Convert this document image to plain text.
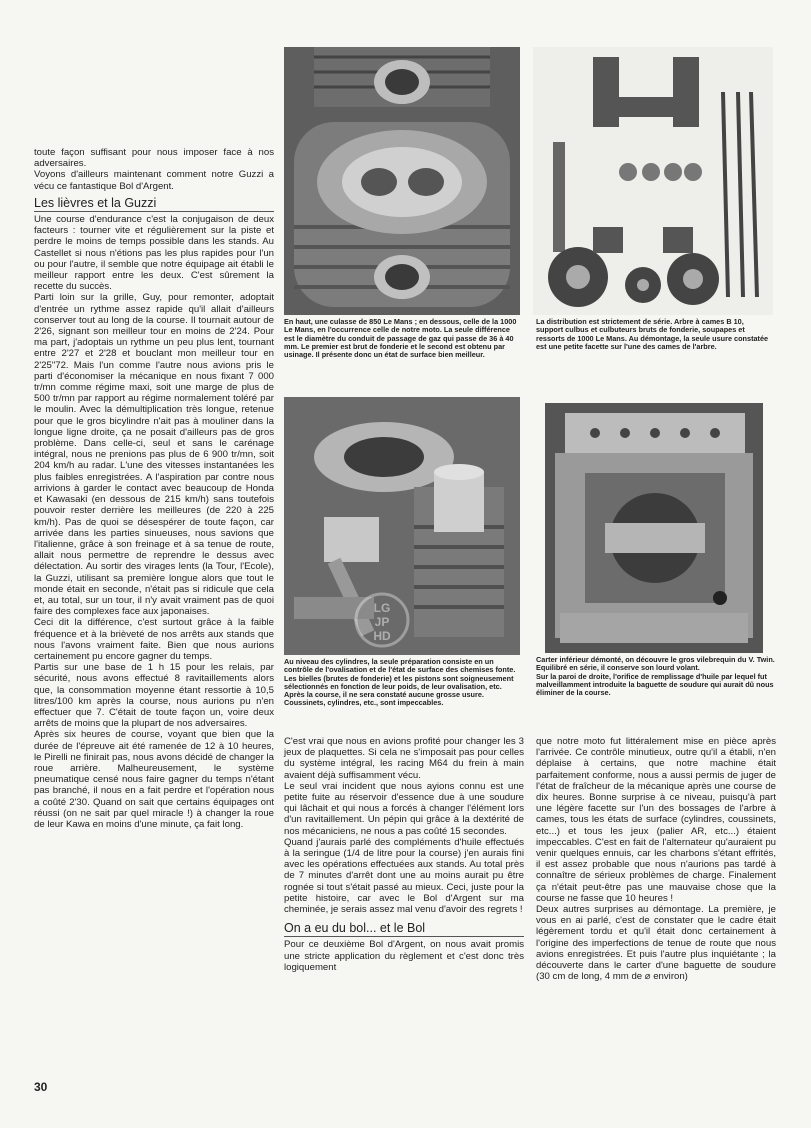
toute façon suffisant pour nous imposer face à nos adversaires.

Voyons d'ailleurs maintenant comment notre Guzzi a vécu ce fantastique Bol d'Argent.

Les lièvres et la Guzzi

Une course d'endurance c'est la conjugaison de deux facteurs : tourner vite et régulièrement sur la piste et perdre le moins de temps possible dans les stands. Au Castellet si nous n'étions pas les plus rapides pour l'un ou pour l'autre, il semble que notre équipage ait établi le meilleur rapport entre les deux. C'est sûrement la recette du succès.

Parti loin sur la grille, Guy, pour remonter, adoptait d'entrée un rythme assez rapide qu'il allait d'ailleurs conserver tout au long de la course. Il tournait autour de 2'26, signant son meilleur tour en moins de 2'24. Pour ma part, j'adoptais un rythme un peu plus lent, tournant entre 2'27 et 2'28 et bouclant mon meilleur tour en 2'25"72. Mais l'un comme l'autre nous avions pris le parti d'économiser la mécanique en nous fixant 7 000 tr/mn comme régime maxi, soit une marge de plus de 500 tr/mn par rapport au régime normalement toléré par le moulin. Avec la démultiplication très longue, retenue pour que le gros bicylindre n'ait pas à mouliner dans la longue ligne droite, ça ne posait d'ailleurs pas de gros problème. Dans celle-ci, seul et sans le carénage intégral, nous ne prenions pas plus de 6 900 tr/mn, soit 204 km/h au radar. L'une des vitesses instantanées les plus faibles enregistrées. A l'aspiration par contre nous arrivions à garder le contact avec beaucoup de Honda et Kawasaki (en dessous de 215 km/h) sans toutefois pouvoir rester derrière les meilleures (de 220 à 225 km/h). Pas de quoi se désespérer de toute façon, car arrivée dans les parties sinueuses, nous savions que l'italienne, grâce à son freinage et à sa tenue de route, allait nous permettre de reprendre le dessus avec délectation. Au sortir des virages lents (la Tour, l'Ecole), la Guzzi, utilisant sa première longue alors que tout le monde était en seconde, n'était pas si ridicule que cela et, au total, sur un tour, il n'y avait vraiment pas de quoi faire des complexes face aux japonaises.

Ceci dit la différence, c'est surtout grâce à la faible fréquence et à la brièveté de nos arrêts aux stands que nous l'avons vraiment faite. Bien que nous aurions certainement pu encore gagner du temps.

Partis sur une base de 1 h 15 pour les relais, par sécurité, nous avons effectué 8 ravitaillements alors que, la consommation moyenne étant ressortie à 10,5 litres/100 km après la course, nous aurions pu n'en effectuer que 7. C'était de toute façon un, voire deux arrêts de moins que la plupart de nos adversaires.

Après six heures de course, voyant que bien que la durée de l'épreuve ait été ramenée de 12 à 10 heures, le Pirelli ne finirait pas, nous avons décidé de changer la roue arrière. Malheureusement, le système pneumatique censé nous faire gagner du temps n'étant pas branché, il nous en a fait perdre et l'opération nous a coûté 2'30. Quand on sait que certains équipages ont réussi (on ne sait par quel miracle !) à changer la roue de leur Kawa en moins d'une minute, ça fait long.

En haut, une culasse de 850 Le Mans ; en dessous, celle de la 1000 Le Mans, en l'occurrence celle de notre moto. La seule différence est le diamètre du conduit de passage de gaz qui passe de 36 à 40 mm. Le premier est brut de fonderie et le second est obtenu par usinage. Il présente donc un état de surface bien meilleur.
La distribution est strictement de série. Arbre à cames B 10, support culbus et culbuteurs bruts de fonderie, soupapes et ressorts de 1000 Le Mans. Au démontage, la seule usure constatée est une petite facette sur l'une des cames de l'arbre.
Au niveau des cylindres, la seule préparation consiste en un contrôle de l'ovalisation et de l'état de surface des chemises fonte. Les bielles (brutes de fonderie) et les pistons sont soigneusement sélectionnés en fonction de leur poids, de leur ovalisation, etc.
Après la course, il ne sera constaté aucune grosse usure. Coussinets, cylindres, etc., sont impeccables.
Carter inférieur démonté, on découvre le gros vilebrequin du V. Twin. Equilibré en série, il conserve son lourd volant.
Sur la paroi de droite, l'orifice de remplissage d'huile par lequel fut malveillamment introduite la baguette de soudure qui aurait dû nous éliminer de la course.
LG
JP
HD

C'est vrai que nous en avions profité pour changer les 3 jeux de plaquettes. Si cela ne s'imposait pas pour celles du système intégral, les racing M64 du frein à main avaient déjà suffisamment vécu.

Le seul vrai incident que nous ayions connu est une petite fuite au réservoir d'essence due à une soudure qui lâchait et qui nous a forcés à changer l'élément lors d'un ravitaillement. Un pépin qui grâce à la dextérité de nos mécaniciens, ne nous a pas coûté 15 secondes.

Quand j'aurais parlé des compléments d'huile effectués à la seringue (1/4 de litre pour la course) j'en aurais fini avec les opérations effectuées aux stands. Au total près de 7 minutes d'arrêt dont une au moins aurait pu être rognée si tout s'était passé au mieux. Ceci, juste pour la petite histoire, car avec le Bol d'Argent sur ma cheminée, je serais assez mal venu d'avoir des regrets !

On a eu du bol... et le Bol

Pour ce deuxième Bol d'Argent, on nous avait promis une stricte application du règlement et c'est donc très logiquement

que notre moto fut littéralement mise en pièce après l'arrivée. Ce contrôle minutieux, outre qu'il a établi, n'en déplaise à certains, que notre machine était parfaitement conforme, nous a aussi permis de juger de l'état de fraîcheur de la mécanique après une course de dix heures. Bonne surprise à ce niveau, puisqu'à part une légère facette sur l'un des bossages de l'arbre à cames, tous les états de surface (cylindres, coussinets, etc...) et tous les jeux (palier AR, etc...) étaient impeccables. C'est en fait de l'alternateur qu'auraient pu venir quelques ennuis, car les charbons s'étant effrités, il est assez probable que nous n'aurions pas tardé à connaître de sérieux problèmes de charge. Finalement ça n'était peut-être pas une mauvaise chose que la course ne fasse que 10 heures !

Deux autres surprises au démontage. La première, je vous en ai parlé, c'est de constater que le cadre était légèrement tordu et qu'il était donc certainement à l'origine des imperfections de tenue de route que nous avions enregistrées. Et puis l'autre plus inquiétante ; la découverte dans le carter d'une baguette de soudure (30 cm de long, 4 mm de ⌀ environ)

30
